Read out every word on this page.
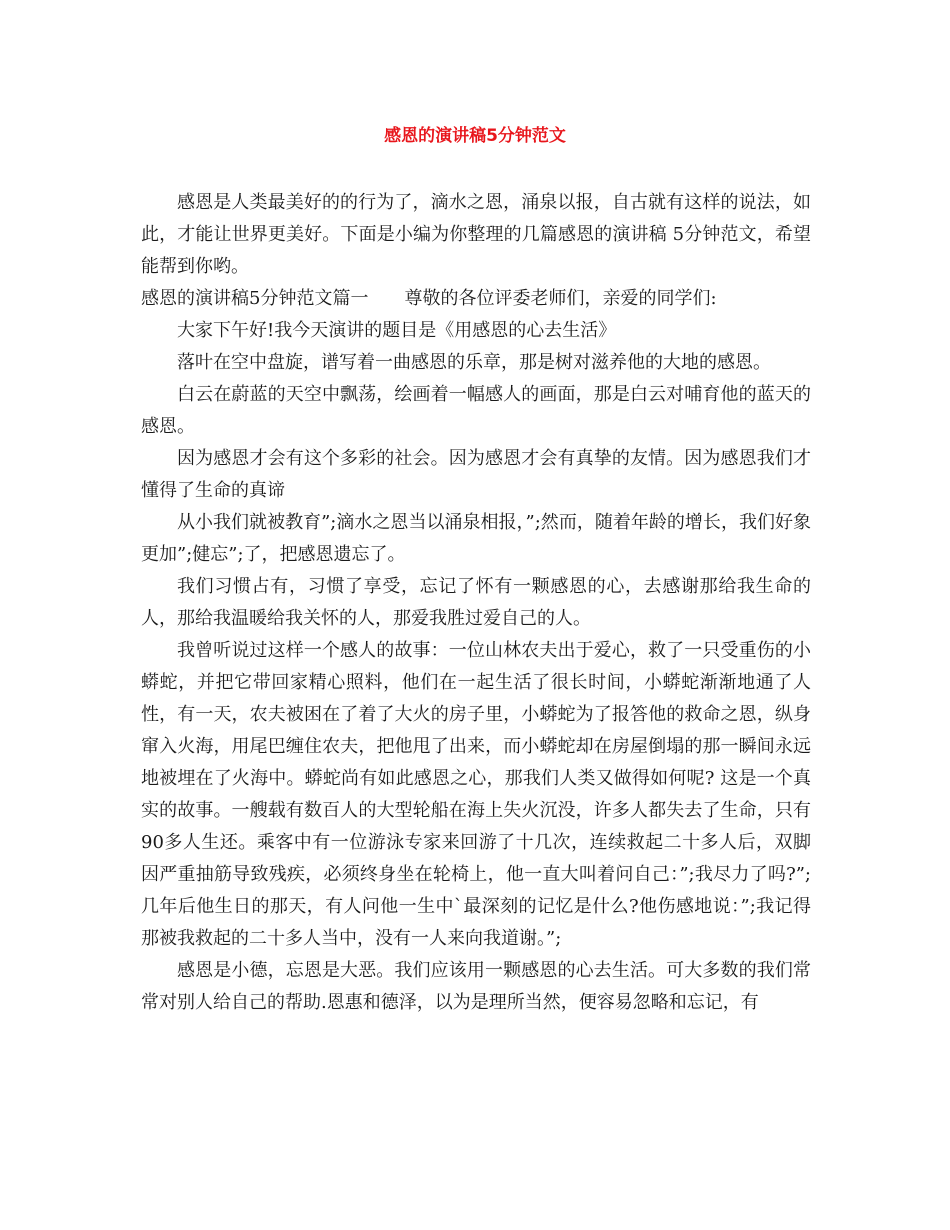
感恩的演讲稿5分钟范文

感恩是人类最美好的的行为了，滴水之恩，涌泉以报，自古就有这样的说法，如此，才能让世界更美好。下面是小编为你整理的几篇感恩的演讲稿 5分钟范文，希望能帮到你哟。

感恩的演讲稿5分钟范文篇一　　尊敬的各位评委老师们，亲爱的同学们:

大家下午好!我今天演讲的题目是《用感恩的心去生活》

落叶在空中盘旋，谱写着一曲感恩的乐章，那是树对滋养他的大地的感恩。

白云在蔚蓝的天空中飘荡，绘画着一幅感人的画面，那是白云对哺育他的蓝天的感恩。

因为感恩才会有这个多彩的社会。因为感恩才会有真挚的友情。因为感恩我们才懂得了生命的真谛

从小我们就被教育”;滴水之恩当以涌泉相报，”;然而，随着年龄的增长，我们好象更加”;健忘”;了，把感恩遗忘了。

我们习惯占有，习惯了享受，忘记了怀有一颗感恩的心，去感谢那给我生命的人，那给我温暖给我关怀的人，那爱我胜过爱自己的人。

我曾听说过这样一个感人的故事：一位山林农夫出于爱心，救了一只受重伤的小蟒蛇，并把它带回家精心照料，他们在一起生活了很长时间，小蟒蛇渐渐地通了人性，有一天，农夫被困在了着了大火的房子里，小蟒蛇为了报答他的救命之恩，纵身窜入火海，用尾巴缠住农夫，把他甩了出来，而小蟒蛇却在房屋倒塌的那一瞬间永远地被埋在了火海中。蟒蛇尚有如此感恩之心，那我们人类又做得如何呢? 这是一个真实的故事。一艘载有数百人的大型轮船在海上失火沉没，许多人都失去了生命，只有90多人生还。乘客中有一位游泳专家来回游了十几次，连续救起二十多人后，双脚因严重抽筋导致残疾，必须终身坐在轮椅上，他一直大叫着问自己：”;我尽力了吗?”;几年后他生日的那天，有人问他一生中`最深刻的记忆是什么?他伤感地说：”;我记得那被我救起的二十多人当中，没有一人来向我道谢。”;

感恩是小德，忘恩是大恶。我们应该用一颗感恩的心去生活。可大多数的我们常常对别人给自己的帮助.恩惠和德泽，以为是理所当然，便容易忽略和忘记，有
